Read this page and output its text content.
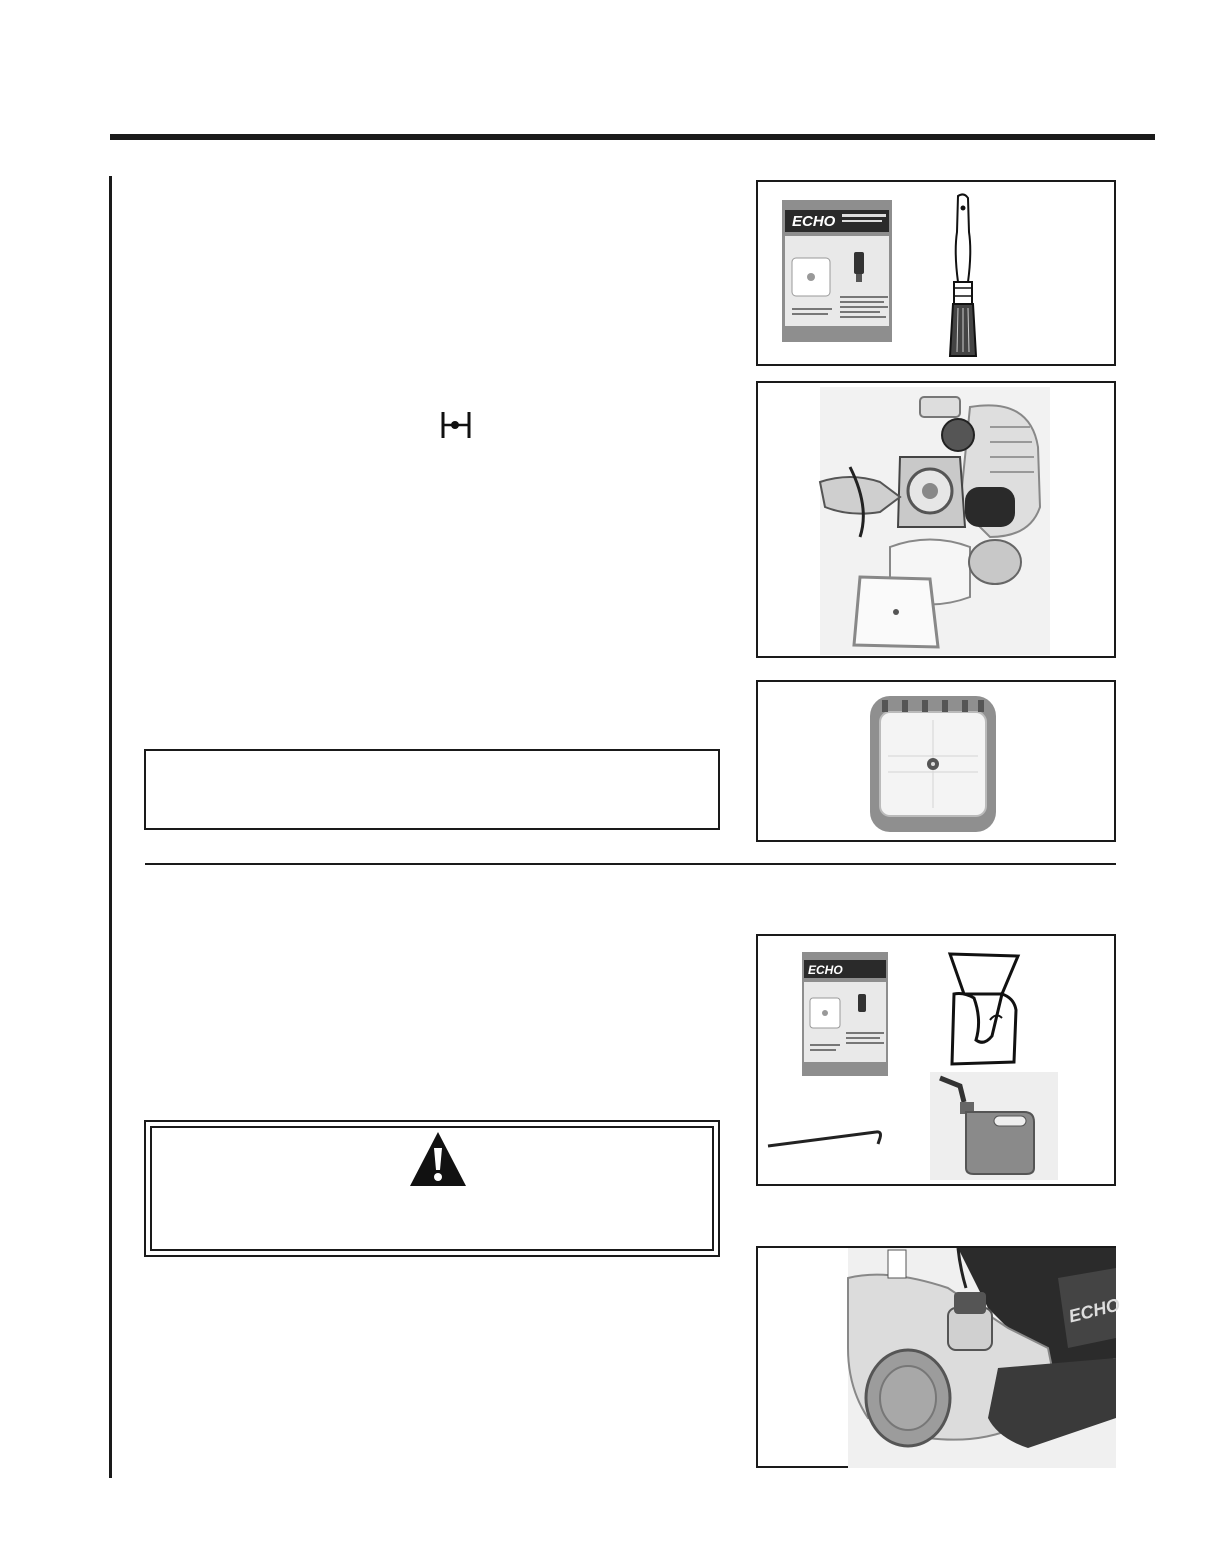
ECHO
ECHO
ECHO
